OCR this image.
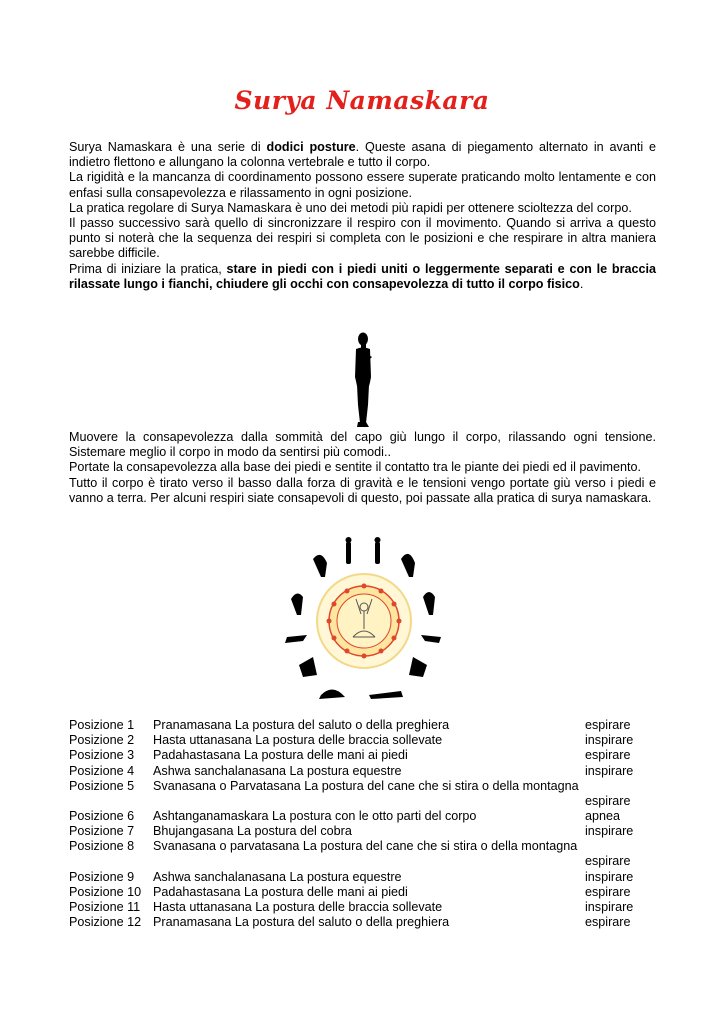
Surya Namaskara

Surya Namaskara è una serie di dodici posture. Queste asana di piegamento alternato in avanti e indietro flettono e allungano la colonna vertebrale e tutto il corpo.

La rigidità e la mancanza di coordinamento possono essere superate praticando molto lentamente e con enfasi sulla consapevolezza e rilassamento in ogni posizione.

La pratica regolare di Surya Namaskara è uno dei metodi più rapidi per ottenere scioltezza del corpo.

Il passo successivo sarà quello di sincronizzare il respiro con il movimento. Quando si arriva a questo punto si noterà che la sequenza dei respiri si completa con le posizioni e che respirare in altra maniera sarebbe difficile.

Prima di iniziare la pratica, stare in piedi con i piedi uniti o leggermente separati e con le braccia rilassate lungo i fianchi, chiudere gli occhi con consapevolezza di tutto il corpo fisico.

Muovere la consapevolezza dalla sommità del capo giù lungo il corpo, rilassando ogni tensione. Sistemare meglio il corpo in modo da sentirsi più comodi..

Portate la consapevolezza alla base dei piedi e sentite il contatto tra le piante dei piedi ed il pavimento.

Tutto il corpo è tirato verso il basso dalla forza di gravità e le tensioni vengo portate giù verso i piedi e vanno a terra. Per alcuni respiri siate consapevoli di questo, poi passate alla pratica di surya namaskara.

Posizione 1	Pranamasana La postura del saluto o della preghiera	espirare
Posizione 2	Hasta uttanasana La postura delle braccia sollevate	inspirare
Posizione 3	Padahastasana La postura delle mani ai piedi	espirare
Posizione 4	Ashwa sanchalanasana La postura equestre	inspirare
Posizione 5	Svanasana o Parvatasana La postura del cane che si stira o della montagna	espirare
Posizione 6	Ashtanganamaskara La postura con le otto parti del corpo	apnea
Posizione 7	Bhujangasana La postura del cobra	inspirare
Posizione 8	Svanasana o parvatasana La postura del cane che si stira o della montagna	espirare
Posizione 9	Ashwa sanchalanasana La postura equestre	inspirare
Posizione 10	Padahastasana La postura delle mani ai piedi	espirare
Posizione 11	Hasta uttanasana La postura delle braccia sollevate	inspirare
Posizione 12	Pranamasana La postura del saluto o della preghiera	espirare
